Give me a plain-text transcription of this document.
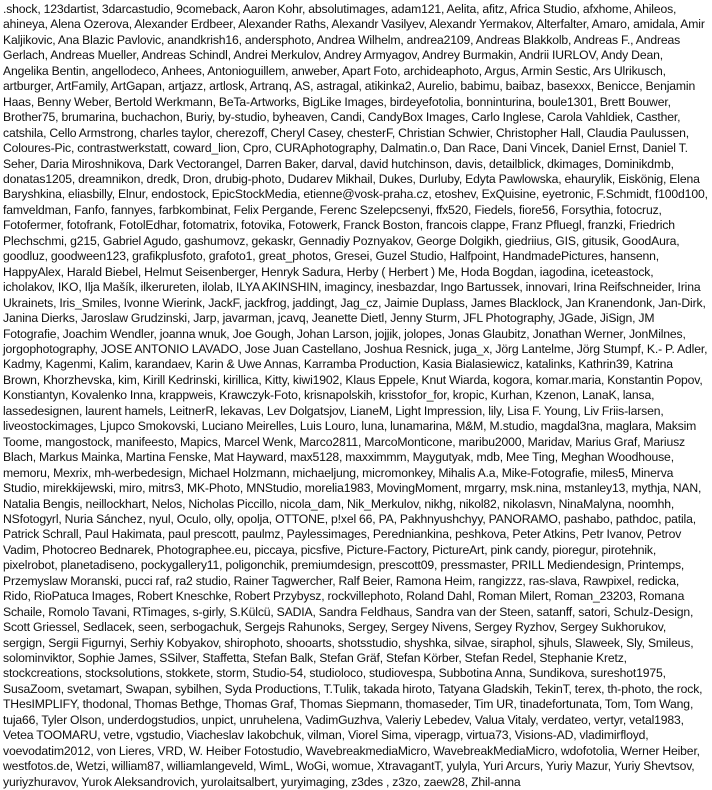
.shock, 123dartist, 3darcastudio, 9comeback, Aaron Kohr, absolutimages, adam121, Aelita, afitz, Africa Studio, afxhome, Ahileos, ahineya, Alena Ozerova, Alexander Erdbeer, Alexander Raths, Alexandr Vasilyev, Alexandr Yermakov, Alterfalter, Amaro, amidala, Amir Kaljikovic, Ana Blazic Pavlovic, anandkrish16, andersphoto, Andrea Wilhelm, andrea2109, Andreas Blakkolb, Andreas F., Andreas Gerlach, Andreas Mueller, Andreas Schindl, Andrei Merkulov, Andrey Armyagov, Andrey Burmakin, Andrii IURLOV, Andy Dean, Angelika Bentin, angellodeco, Anhees, Antonioguillem, anweber, Apart Foto, archideaphoto, Argus, Armin Sestic, Ars Ulrikusch, artburger, ArtFamily, ArtGapan, artjazz, artlosk, Artranq, AS, astragal, atikinka2, Aurelio, babimu, baibaz, basexxx, Benicce, Benjamin Haas, Benny Weber, Bertold Werkmann, BeTa-Artworks, BigLike Images, birdeyefotolia, bonninturina, boule1301, Brett Bouwer, Brother75, brumarina, buchachon, Buriy, by-studio, byheaven, Candi, CandyBox Images, Carlo Inglese, Carola Vahldiek, Casther, catshila, Cello Armstrong, charles taylor, cherezoff, Cheryl Casey, chesterF, Christian Schwier, Christopher Hall, Claudia Paulussen, Coloures-Pic, contrastwerkstatt, coward_lion, Cpro, CURAphotography, Dalmatin.o, Dan Race, Dani Vincek, Daniel Ernst, Daniel T. Seher, Daria Miroshnikova, Dark Vectorangel, Darren Baker, darval, david hutchinson, davis, detailblick, dkimages, Dominikdmb, donatas1205, dreamnikon, dredk, Dron, drubig-photo, Dudarev Mikhail, Dukes, Durluby, Edyta Pawlowska, ehaurylik, Eiskönig, Elena Baryshkina, eliasbilly, Elnur, endostock, EpicStockMedia, etienne@vosk-praha.cz, etoshev, ExQuisine, eyetronic, F.Schmidt, f100d100, famveldman, Fanfo, fannyes, farbkombinat, Felix Pergande, Ferenc Szelepcsenyi, ffx520, Fiedels, fiore56, Forsythia, fotocruz, Fotofermer, fotofrank, FotolEdhar, fotomatrix, fotovika, Fotowerk, Franck Boston, francois clappe, Franz Pfluegl, franzki, Friedrich Plechschmi, g215, Gabriel Agudo, gashumovz, gekaskr, Gennadiy Poznyakov, George Dolgikh, giedriius, GIS, gitusik, GoodAura, goodluz, goodween123, grafikplusfoto, grafoto1, great_photos, Gresei, Guzel Studio, Halfpoint, HandmadePictures, hansenn, HappyAlex, Harald Biebel, Helmut Seisenberger, Henryk Sadura, Herby ( Herbert ) Me, Hoda Bogdan, iagodina, iceteastock, icholakov, IKO, Ilja Mašík, ilkerureten, ilolab, ILYA AKINSHIN, imagincy, inesbazdar, Ingo Bartussek, innovari, Irina Reifschneider, Irina Ukrainets, Iris_Smiles, Ivonne Wierink, JackF, jackfrog, jaddingt, Jag_cz, Jaimie Duplass, James Blacklock, Jan Kranendonk, Jan-Dirk, Janina Dierks, Jaroslaw Grudzinski, Jarp, javarman, jcavq, Jeanette Dietl, Jenny Sturm, JFL Photography, JGade, JiSign, JM Fotografie, Joachim Wendler, joanna wnuk, Joe Gough, Johan Larson, jojjik, jolopes, Jonas Glaubitz, Jonathan Werner, JonMilnes, jorgophotography, JOSE ANTONIO LAVADO, Jose Juan Castellano, Joshua Resnick, juga_x, Jörg Lantelme, Jörg Stumpf, K.- P. Adler, Kadmy, Kagenmi, Kalim, karandaev, Karin & Uwe Annas, Karramba Production, Kasia Bialasiewicz, katalinks, Kathrin39, Katrina Brown, Khorzhevska, kim, Kirill Kedrinski, kirillica, Kitty, kiwi1902, Klaus Eppele, Knut Wiarda, kogora, komar.maria, Konstantin Popov, Konstiantyn, Kovalenko Inna, krappweis, Krawczyk-Foto, krisnapolskih, krisstofor_for, kropic, Kurhan, Kzenon, LanaK, lansa, lassedesignen, laurent hamels, LeitnerR, lekavas, Lev Dolgatsjov, LianeM, Light Impression, lily, Lisa F. Young, Liv Friis-larsen, liveostockimages, Ljupco Smokovski, Luciano Meirelles, Luis Louro, luna, lunamarina, M&M, M.studio, magdal3na, maglara, Maksim Toome, mangostock, manifeesto, Mapics, Marcel Wenk, Marco2811, MarcoMonticone, maribu2000, Maridav, Marius Graf, Mariusz Blach, Markus Mainka, Martina Fenske, Mat Hayward, max5128, maxximmm, Maygutyak, mdb, Mee Ting, Meghan Woodhouse, memoru, Mexrix, mh-werbedesign, Michael Holzmann, michaeljung, micromonkey, Mihalis A.a, Mike-Fotografie, miles5, Minerva Studio, mirekkijewski, miro, mitrs3, MK-Photo, MNStudio, morelia1983, MovingMoment, mrgarry, msk.nina, mstanley13, mythja, NAN, Natalia Bengis, neillockhart, Nelos, Nicholas Piccillo, nicola_dam, Nik_Merkulov, nikhg, nikol82, nikolasvn, NinaMalyna, noomhh, NSfotogyrl, Nuria Sánchez, nyul, Oculo, olly, opolja, OTTONE, p!xel 66, PA, Pakhnyushchyy, PANORAMO, pashabo, pathdoc, patila, Patrick Schrall, Paul Hakimata, paul prescott, paulmz, Paylessimages, Peredniankina, peshkova, Peter Atkins, Petr Ivanov, Petrov Vadim, Photocreo Bednarek, Photographee.eu, piccaya, picsfive, Picture-Factory, PictureArt, pink candy, pioregur, pirotehnik, pixelrobot, planetadiseno, pockygallery11, poligonchik, premiumdesign, prescott09, pressmaster, PRILL Mediendesign, Printemps, Przemyslaw Moranski, pucci raf, ra2 studio, Rainer Tagwercher, Ralf Beier, Ramona Heim, rangizzz, ras-slava, Rawpixel, redicka, Rido, RioPatuca Images, Robert Kneschke, Robert Przybysz, rockvillephoto, Roland Dahl, Roman Milert, Roman_23203, Romana Schaile, Romolo Tavani, RTimages, s-girly, S.Külcü, SADIA, Sandra Feldhaus, Sandra van der Steen, satanff, satori, Schulz-Design, Scott Griessel, Sedlacek, seen, serbogachuk, Sergejs Rahunoks, Sergey, Sergey Nivens, Sergey Ryzhov, Sergey Sukhorukov, sergign, Sergii Figurnyi, Serhiy Kobyakov, shirophoto, shooarts, shotsstudio, shyshka, silvae, siraphol, sjhuls, Slaweek, Sly, Smileus, solominviktor, Sophie James, SSilver, Staffetta, Stefan Balk, Stefan Gräf, Stefan Körber, Stefan Redel, Stephanie Kretz, stockcreations, stocksolutions, stokkete, storm, Studio-54, studioloco, studiovespa, Subbotina Anna, Sundikova, sureshot1975, SusaZoom, svetamart, Swapan, sybilhen, Syda Productions, T.Tulik, takada hiroto, Tatyana Gladskih, TekinT, terex, th-photo, the rock, THesIMPLIFY, thodonal, Thomas Bethge, Thomas Graf, Thomas Siepmann, thomaseder, Tim UR, tinadefortunata, Tom, Tom Wang, tuja66, Tyler Olson, underdogstudios, unpict, unruhelena, VadimGuzhva, Valeriy Lebedev, Valua Vitaly, verdateo, vertyr, vetal1983, Vetea TOOMARU, vetre, vgstudio, Viacheslav Iakobchuk, vilman, Viorel Sima, viperagp, virtua73, Visions-AD, vladimirfloyd, voevodatim2012, von Lieres, VRD, W. Heiber Fotostudio, WavebreakmediaMicro, WavebreakMediaMicro, wdofotolia, Werner Heiber, westfotos.de, Wetzi, william87, williamlangeveld, WimL, WoGi, womue, XtravagantT, yulyla, Yuri Arcurs, Yuriy Mazur, Yuriy Shevtsov, yuriyzhuravov, Yurok Aleksandrovich, yurolaitsalbert, yuryimaging, z3des , z3zo, zaew28, Zhil-anna
